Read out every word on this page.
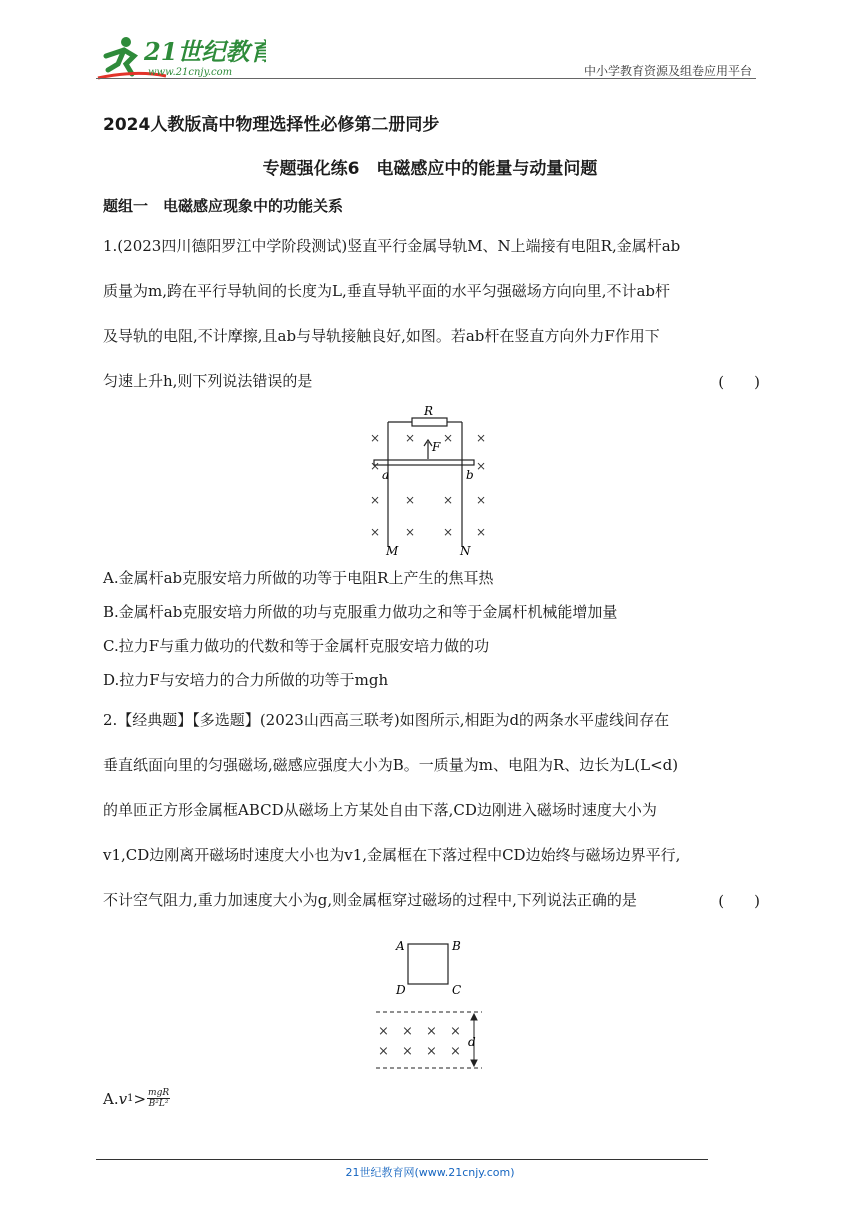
21世纪教育
www.21cnjy.com	中小学教育资源及组卷应用平台
2024人教版高中物理选择性必修第二册同步
专题强化练6　电磁感应中的能量与动量问题
题组一　电磁感应现象中的功能关系
1.(2023四川德阳罗江中学阶段测试)竖直平行金属导轨M、N上端接有电阻R,金属杆ab
质量为m,跨在平行导轨间的长度为L,垂直导轨平面的水平匀强磁场方向向里,不计ab杆
及导轨的电阻,不计摩擦,且ab与导轨接触良好,如图。若ab杆在竖直方向外力F作用下
匀速上升h,则下列说法错误的是	(　　)
R
F
a	b
M	N
× × × ×
×	×
× × × ×
× × × ×
A.金属杆ab克服安培力所做的功等于电阻R上产生的焦耳热
B.金属杆ab克服安培力所做的功与克服重力做功之和等于金属杆机械能增加量
C.拉力F与重力做功的代数和等于金属杆克服安培力做的功
D.拉力F与安培力的合力所做的功等于mgh
2.【经典题】【多选题】(2023山西高三联考)如图所示,相距为d的两条水平虚线间存在
垂直纸面向里的匀强磁场,磁感应强度大小为B。一质量为m、电阻为R、边长为L(L<d)
的单匝正方形金属框ABCD从磁场上方某处自由下落,CD边刚进入磁场时速度大小为
v1,CD边刚离开磁场时速度大小也为v1,金属框在下落过程中CD边始终与磁场边界平行,
不计空气阻力,重力加速度大小为g,则金属框穿过磁场的过程中,下列说法正确的是	(　　)
A	B
C
D
d
× × × ×
× × × ×
A. v 1 > mgR
B²L²
21世纪教育网(www.21cnjy.com)
